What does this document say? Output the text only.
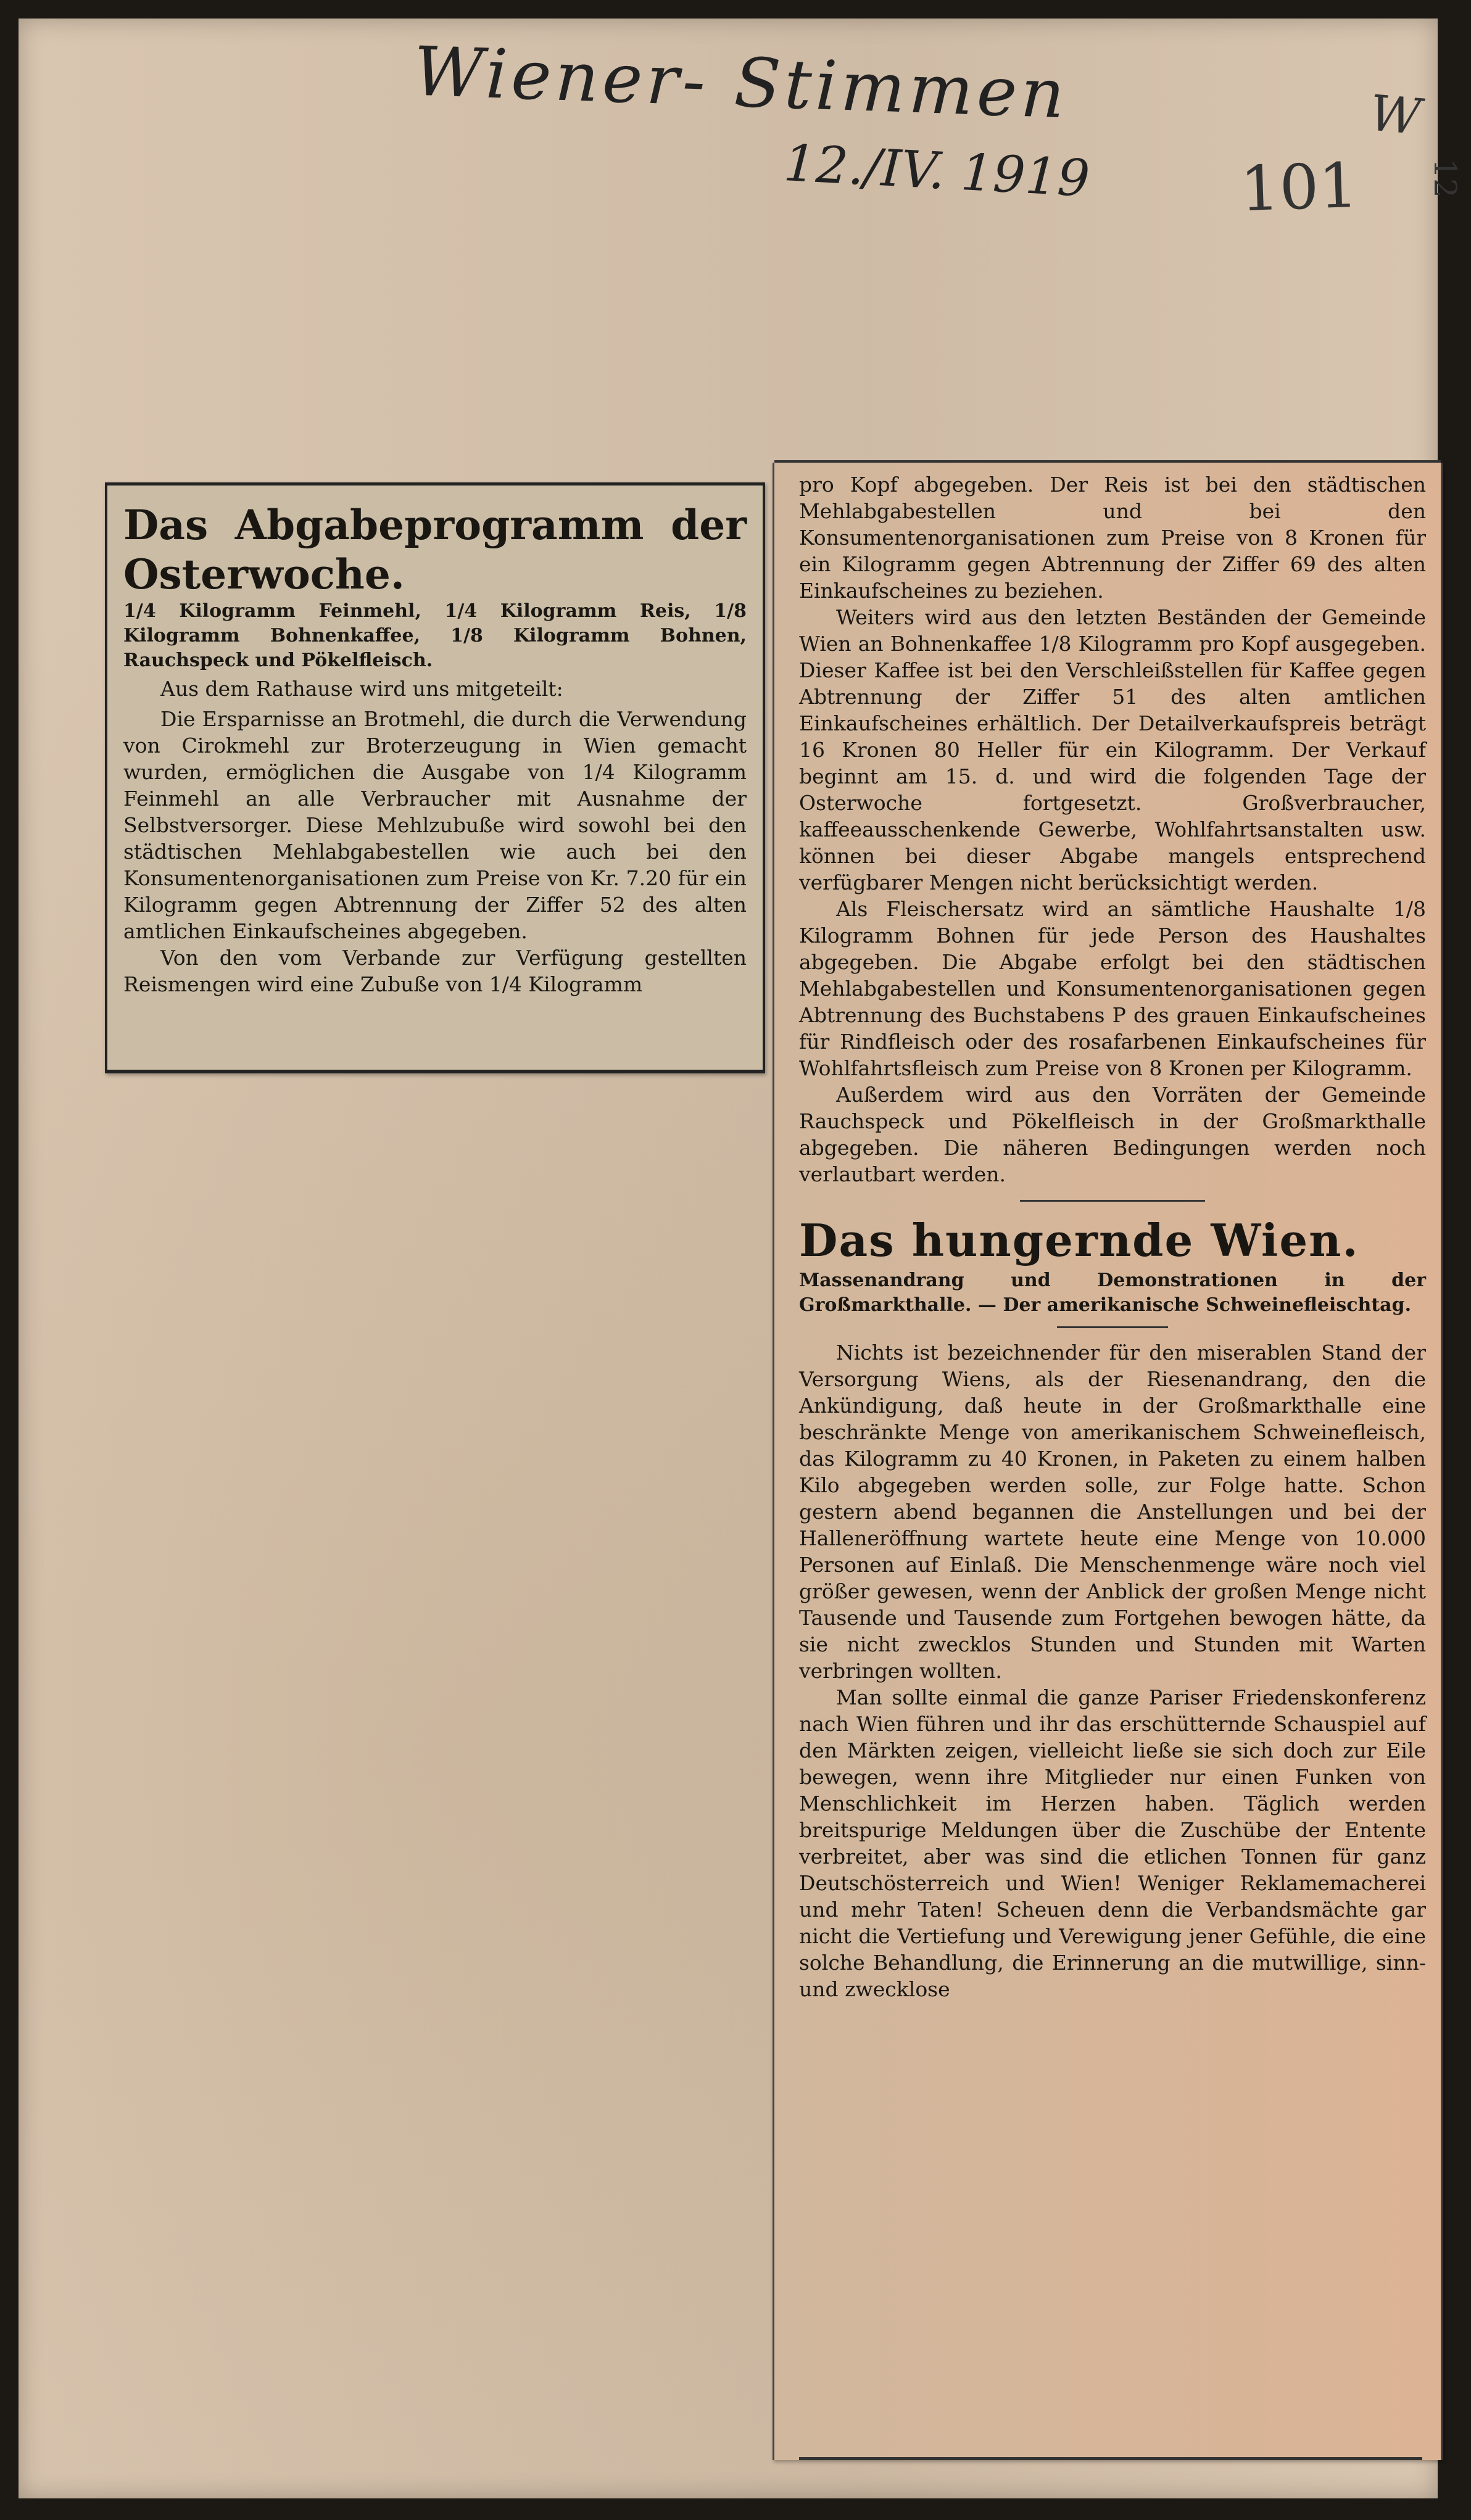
Wiener- Stimmen
12./IV. 1919 101
W
12

Das Abgabeprogramm der Osterwoche.

1/4 Kilogramm Feinmehl, 1/4 Kilogramm Reis, 1/8 Kilogramm Bohnenkaffee, 1/8 Kilogramm Bohnen, Rauchspeck und Pökelfleisch.

Aus dem Rathause wird uns mitgeteilt:

Die Ersparnisse an Brotmehl, die durch die Verwendung von Cirokmehl zur Broterzeugung in Wien gemacht wurden, ermöglichen die Ausgabe von 1/4 Kilogramm Feinmehl an alle Verbraucher mit Ausnahme der Selbstversorger. Diese Mehlzubuße wird sowohl bei den städtischen Mehlabgabestellen wie auch bei den Konsumentenorganisationen zum Preise von Kr. 7.20 für ein Kilogramm gegen Abtrennung der Ziffer 52 des alten amtlichen Einkaufscheines abgegeben.

Von den vom Verbande zur Verfügung gestellten Reismengen wird eine Zubuße von 1/4 Kilogramm

pro Kopf abgegeben. Der Reis ist bei den städtischen Mehlabgabestellen und bei den Konsumentenorganisationen zum Preise von 8 Kronen für ein Kilogramm gegen Abtrennung der Ziffer 69 des alten Einkaufscheines zu beziehen.

Weiters wird aus den letzten Beständen der Gemeinde Wien an Bohnenkaffee 1/8 Kilogramm pro Kopf ausgegeben. Dieser Kaffee ist bei den Verschleißstellen für Kaffee gegen Abtrennung der Ziffer 51 des alten amtlichen Einkaufscheines erhältlich. Der Detailverkaufspreis beträgt 16 Kronen 80 Heller für ein Kilogramm. Der Verkauf beginnt am 15. d. und wird die folgenden Tage der Osterwoche fortgesetzt. Großverbraucher, kaffeeausschenkende Gewerbe, Wohlfahrtsanstalten usw. können bei dieser Abgabe mangels entsprechend verfügbarer Mengen nicht berücksichtigt werden.

Als Fleischersatz wird an sämtliche Haushalte 1/8 Kilogramm Bohnen für jede Person des Haushaltes abgegeben. Die Abgabe erfolgt bei den städtischen Mehlabgabestellen und Konsumentenorganisationen gegen Abtrennung des Buchstabens P des grauen Einkaufscheines für Rindfleisch oder des rosafarbenen Einkaufscheines für Wohlfahrtsfleisch zum Preise von 8 Kronen per Kilogramm.

Außerdem wird aus den Vorräten der Gemeinde Rauchspeck und Pökelfleisch in der Großmarkthalle abgegeben. Die näheren Bedingungen werden noch verlautbart werden.

Das hungernde Wien.

Massenandrang und Demonstrationen in der Großmarkthalle. — Der amerikanische Schweinefleischtag.

Nichts ist bezeichnender für den miserablen Stand der Versorgung Wiens, als der Riesenandrang, den die Ankündigung, daß heute in der Großmarkthalle eine beschränkte Menge von amerikanischem Schweinefleisch, das Kilogramm zu 40 Kronen, in Paketen zu einem halben Kilo abgegeben werden solle, zur Folge hatte. Schon gestern abend begannen die Anstellungen und bei der Halleneröffnung wartete heute eine Menge von 10.000 Personen auf Einlaß. Die Menschenmenge wäre noch viel größer gewesen, wenn der Anblick der großen Menge nicht Tausende und Tausende zum Fortgehen bewogen hätte, da sie nicht zwecklos Stunden und Stunden mit Warten verbringen wollten.

Man sollte einmal die ganze Pariser Friedenskonferenz nach Wien führen und ihr das erschütternde Schauspiel auf den Märkten zeigen, vielleicht ließe sie sich doch zur Eile bewegen, wenn ihre Mitglieder nur einen Funken von Menschlichkeit im Herzen haben. Täglich werden breitspurige Meldungen über die Zuschübe der Entente verbreitet, aber was sind die etlichen Tonnen für ganz Deutschösterreich und Wien! Weniger Reklamemacherei und mehr Taten! Scheuen denn die Verbandsmächte gar nicht die Vertiefung und Verewigung jener Gefühle, die eine solche Behandlung, die Erinnerung an die mutwillige, sinn- und zwecklose
